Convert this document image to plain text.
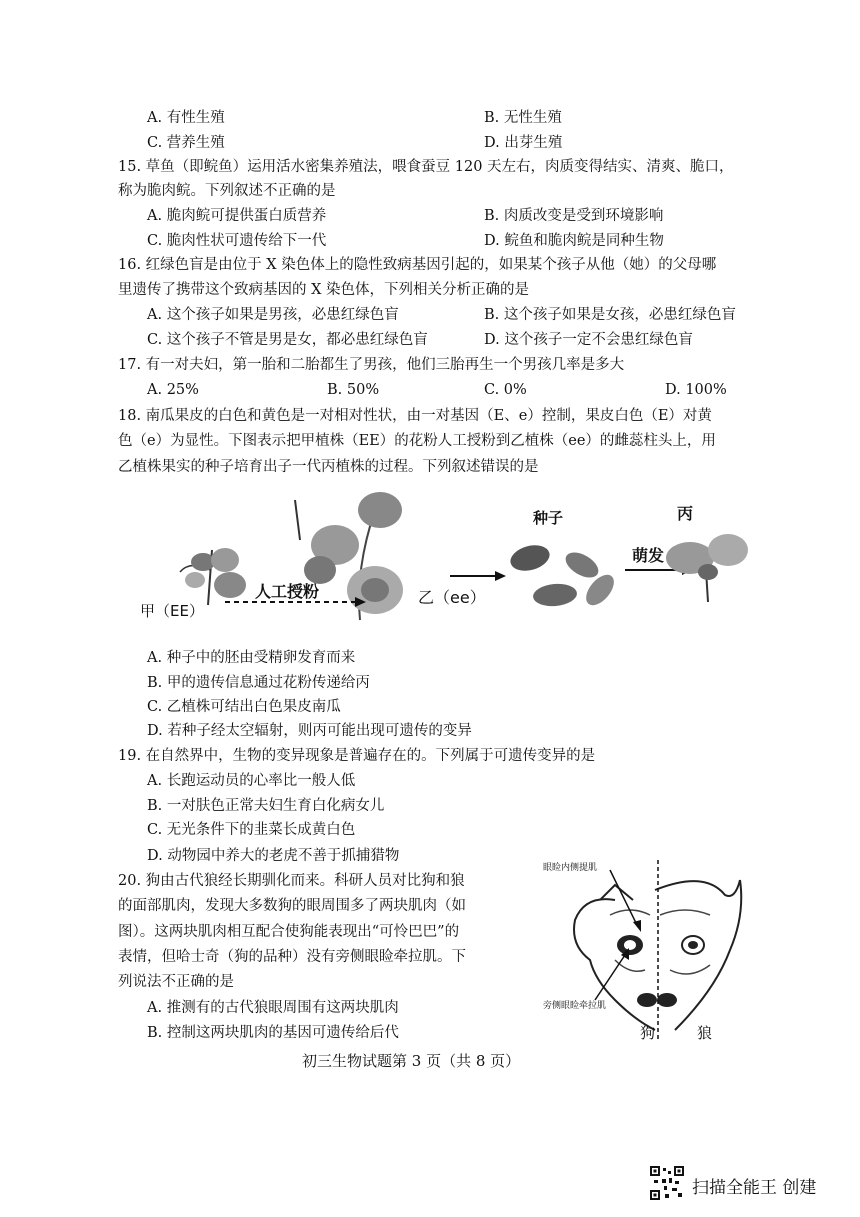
A. 有性生殖	B. 无性生殖
C. 营养生殖	D. 出芽生殖
15. 草鱼（即鲩鱼）运用活水密集养殖法，喂食蚕豆 120 天左右，肉质变得结实、清爽、脆口，
称为脆肉鲩。下列叙述不正确的是
A. 脆肉鲩可提供蛋白质营养	B. 肉质改变是受到环境影响
C. 脆肉性状可遗传给下一代	D. 鲩鱼和脆肉鲩是同种生物
16. 红绿色盲是由位于 X 染色体上的隐性致病基因引起的，如果某个孩子从他（她）的父母哪
里遗传了携带这个致病基因的 X 染色体，下列相关分析正确的是
A. 这个孩子如果是男孩，必患红绿色盲	B. 这个孩子如果是女孩，必患红绿色盲
C. 这个孩子不管是男是女，都必患红绿色盲	D. 这个孩子一定不会患红绿色盲
17. 有一对夫妇，第一胎和二胎都生了男孩，他们三胎再生一个男孩几率是多大
A. 25%	B. 50%	C. 0%	D. 100%
18. 南瓜果皮的白色和黄色是一对相对性状，由一对基因（E、e）控制，果皮白色（E）对黄
色（e）为显性。下图表示把甲植株（EE）的花粉人工授粉到乙植株（ee）的雌蕊柱头上，用
乙植株果实的种子培育出子一代丙植株的过程。下列叙述错误的是
甲（EE）
人工授粉	乙（ee）
种子	丙
萌发
A. 种子中的胚由受精卵发育而来
B. 甲的遗传信息通过花粉传递给丙
C. 乙植株可结出白色果皮南瓜
D. 若种子经太空辐射，则丙可能出现可遗传的变异
19. 在自然界中，生物的变异现象是普遍存在的。下列属于可遗传变异的是
A. 长跑运动员的心率比一般人低
B. 一对肤色正常夫妇生育白化病女儿
C. 无光条件下的韭菜长成黄白色
D. 动物园中养大的老虎不善于抓捕猎物
20. 狗由古代狼经长期驯化而来。科研人员对比狗和狼
的面部肌肉，发现大多数狗的眼周围多了两块肌肉（如
图）。这两块肌肉相互配合使狗能表现出“可怜巴巴”的
表情，但哈士奇（狗的品种）没有旁侧眼睑牵拉肌。下
列说法不正确的是
A. 推测有的古代狼眼周围有这两块肌肉
B. 控制这两块肌肉的基因可遗传给后代
眼睑内侧提肌
旁侧眼睑牵拉肌
狗	狼
初三生物试题第 3 页（共 8 页）
扫描全能王 创建
